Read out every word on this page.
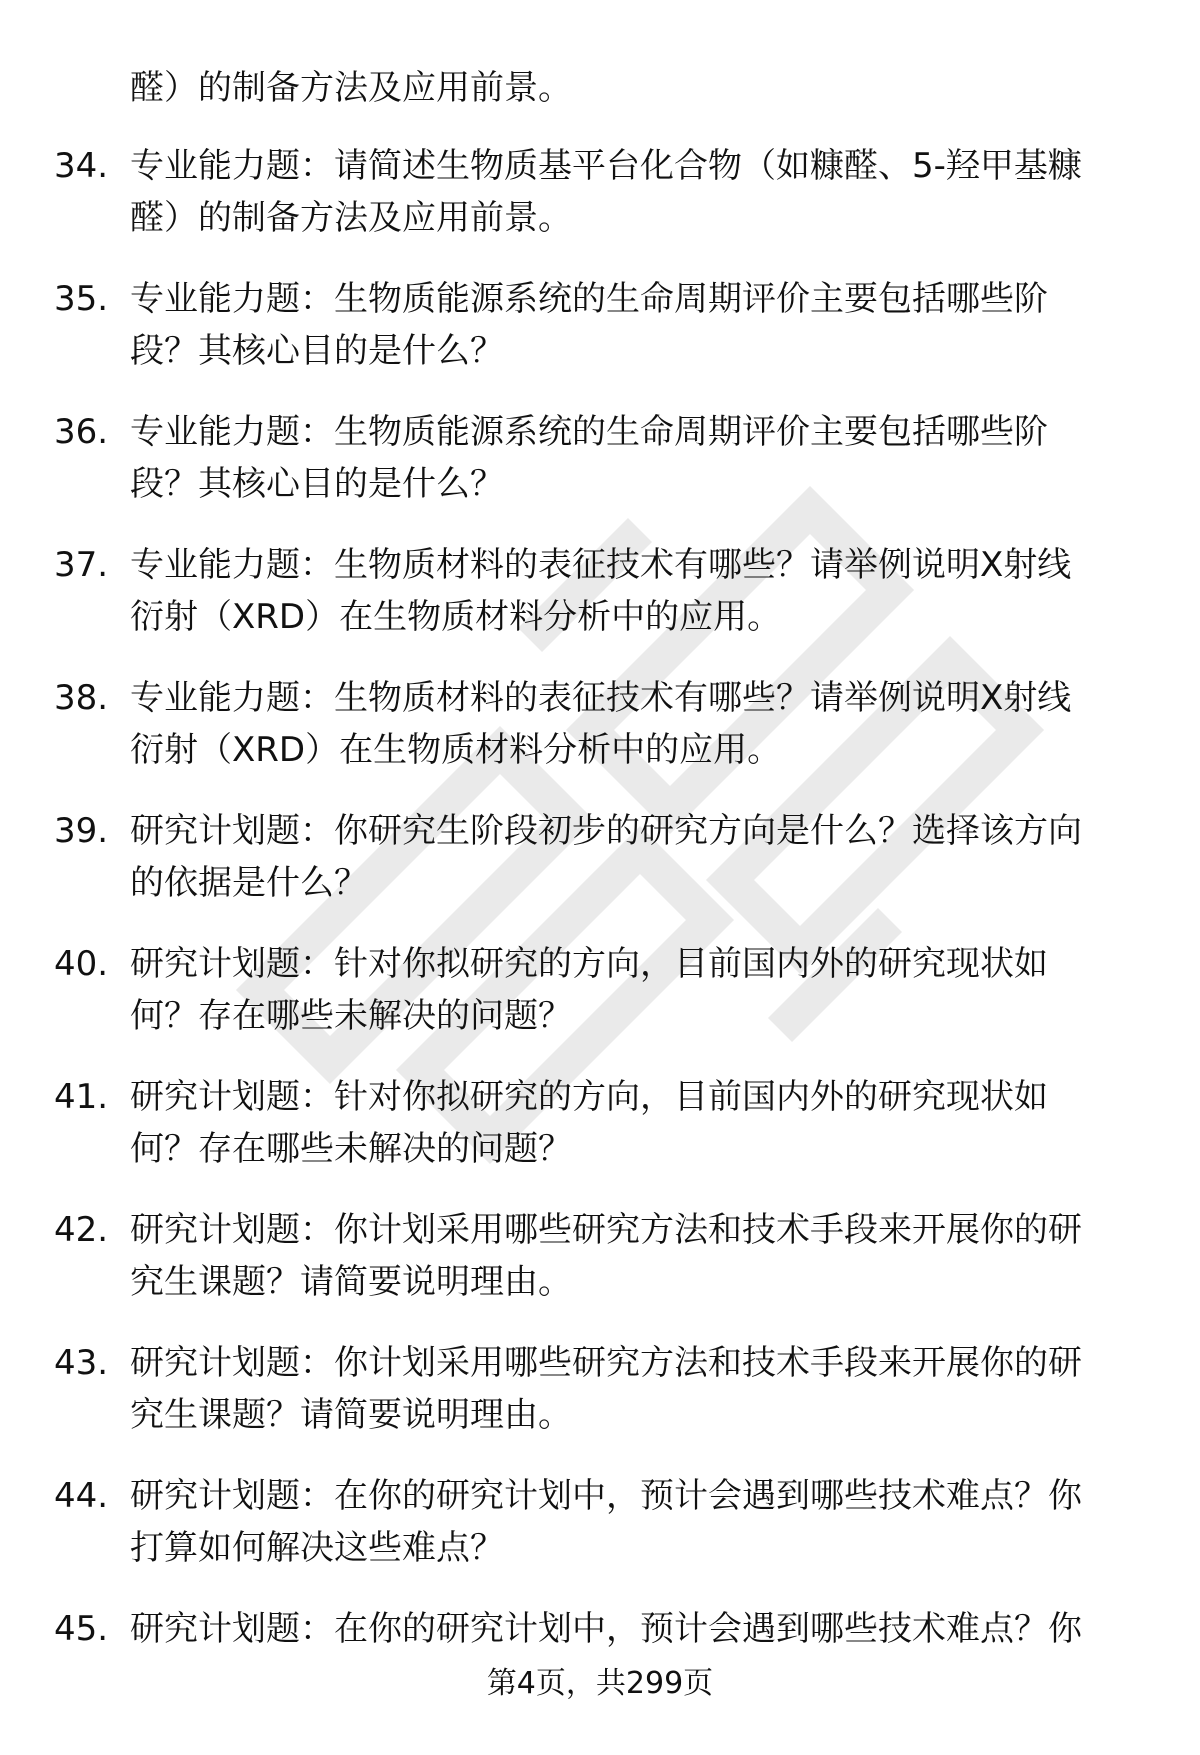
醛）的制备方法及应用前景。

34. 专业能力题：请简述生物质基平台化合物（如糠醛、5-羟甲基糠
醛）的制备方法及应用前景。
35. 专业能力题：生物质能源系统的生命周期评价主要包括哪些阶
段？其核心目的是什么？
36. 专业能力题：生物质能源系统的生命周期评价主要包括哪些阶
段？其核心目的是什么？
37. 专业能力题：生物质材料的表征技术有哪些？请举例说明X射线
衍射（XRD）在生物质材料分析中的应用。
38. 专业能力题：生物质材料的表征技术有哪些？请举例说明X射线
衍射（XRD）在生物质材料分析中的应用。
39. 研究计划题：你研究生阶段初步的研究方向是什么？选择该方向
的依据是什么？
40. 研究计划题：针对你拟研究的方向，目前国内外的研究现状如
何？存在哪些未解决的问题？
41. 研究计划题：针对你拟研究的方向，目前国内外的研究现状如
何？存在哪些未解决的问题？
42. 研究计划题：你计划采用哪些研究方法和技术手段来开展你的研
究生课题？请简要说明理由。
43. 研究计划题：你计划采用哪些研究方法和技术手段来开展你的研
究生课题？请简要说明理由。
44. 研究计划题：在你的研究计划中，预计会遇到哪些技术难点？你
打算如何解决这些难点？
45. 研究计划题：在你的研究计划中，预计会遇到哪些技术难点？你
第4页，共299页
